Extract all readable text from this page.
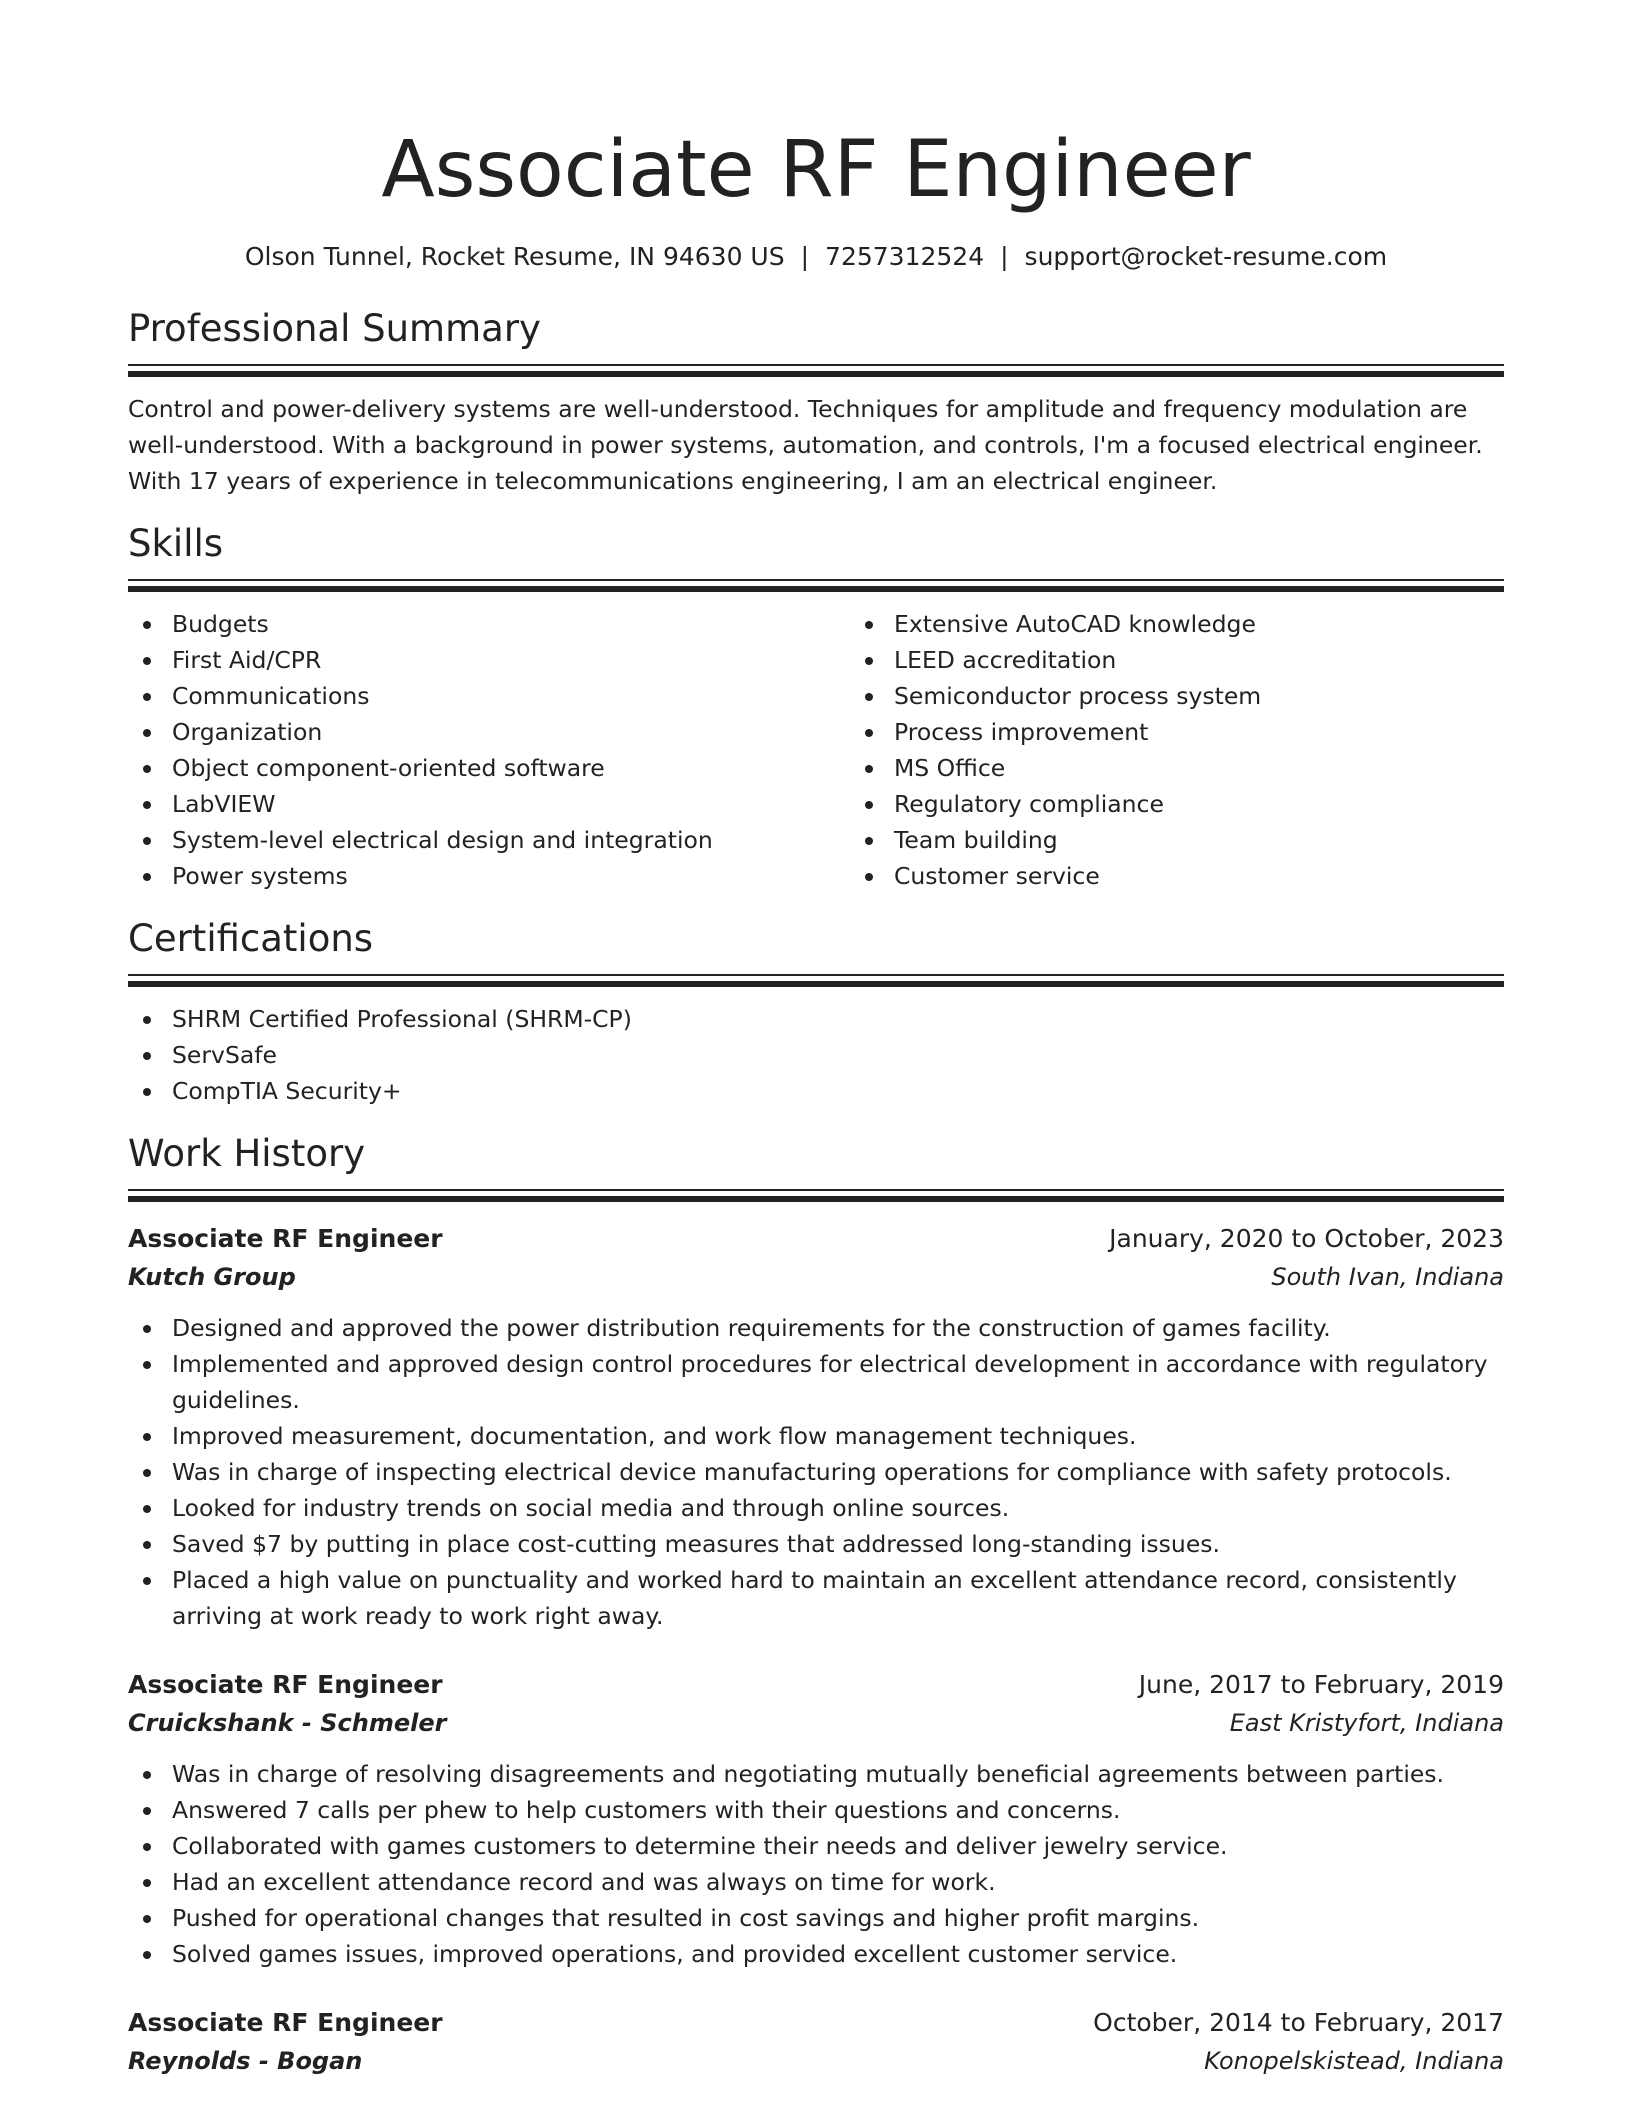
Associate RF Engineer
Olson Tunnel, Rocket Resume, IN 94630 US | 7257312524 | support@rocket-resume.com
Professional Summary

Control and power-delivery systems are well-understood. Techniques for amplitude and frequency modulation are well-understood. With a background in power systems, automation, and controls, I'm a focused electrical engineer. With 17 years of experience in telecommunications engineering, I am an electrical engineer.

Skills
Budgets
First Aid/CPR
Communications
Organization
Object component-oriented software
LabVIEW
System-level electrical design and integration
Power systems
Extensive AutoCAD knowledge
LEED accreditation
Semiconductor process system
Process improvement
MS Office
Regulatory compliance
Team building
Customer service
Certifications
SHRM Certified Professional (SHRM-CP)
ServSafe
CompTIA Security+
Work History
Associate RF Engineer	January, 2020 to October, 2023
Kutch Group	South Ivan, Indiana
Designed and approved the power distribution requirements for the construction of games facility.
Implemented and approved design control procedures for electrical development in accordance with regulatory guidelines.
Improved measurement, documentation, and work flow management techniques.
Was in charge of inspecting electrical device manufacturing operations for compliance with safety protocols.
Looked for industry trends on social media and through online sources.
Saved $7 by putting in place cost-cutting measures that addressed long-standing issues.
Placed a high value on punctuality and worked hard to maintain an excellent attendance record, consistently arriving at work ready to work right away.
Associate RF Engineer	June, 2017 to February, 2019
Cruickshank - Schmeler	East Kristyfort, Indiana
Was in charge of resolving disagreements and negotiating mutually beneficial agreements between parties.
Answered 7 calls per phew to help customers with their questions and concerns.
Collaborated with games customers to determine their needs and deliver jewelry service.
Had an excellent attendance record and was always on time for work.
Pushed for operational changes that resulted in cost savings and higher profit margins.
Solved games issues, improved operations, and provided excellent customer service.
Associate RF Engineer	October, 2014 to February, 2017
Reynolds - Bogan	Konopelskistead, Indiana
